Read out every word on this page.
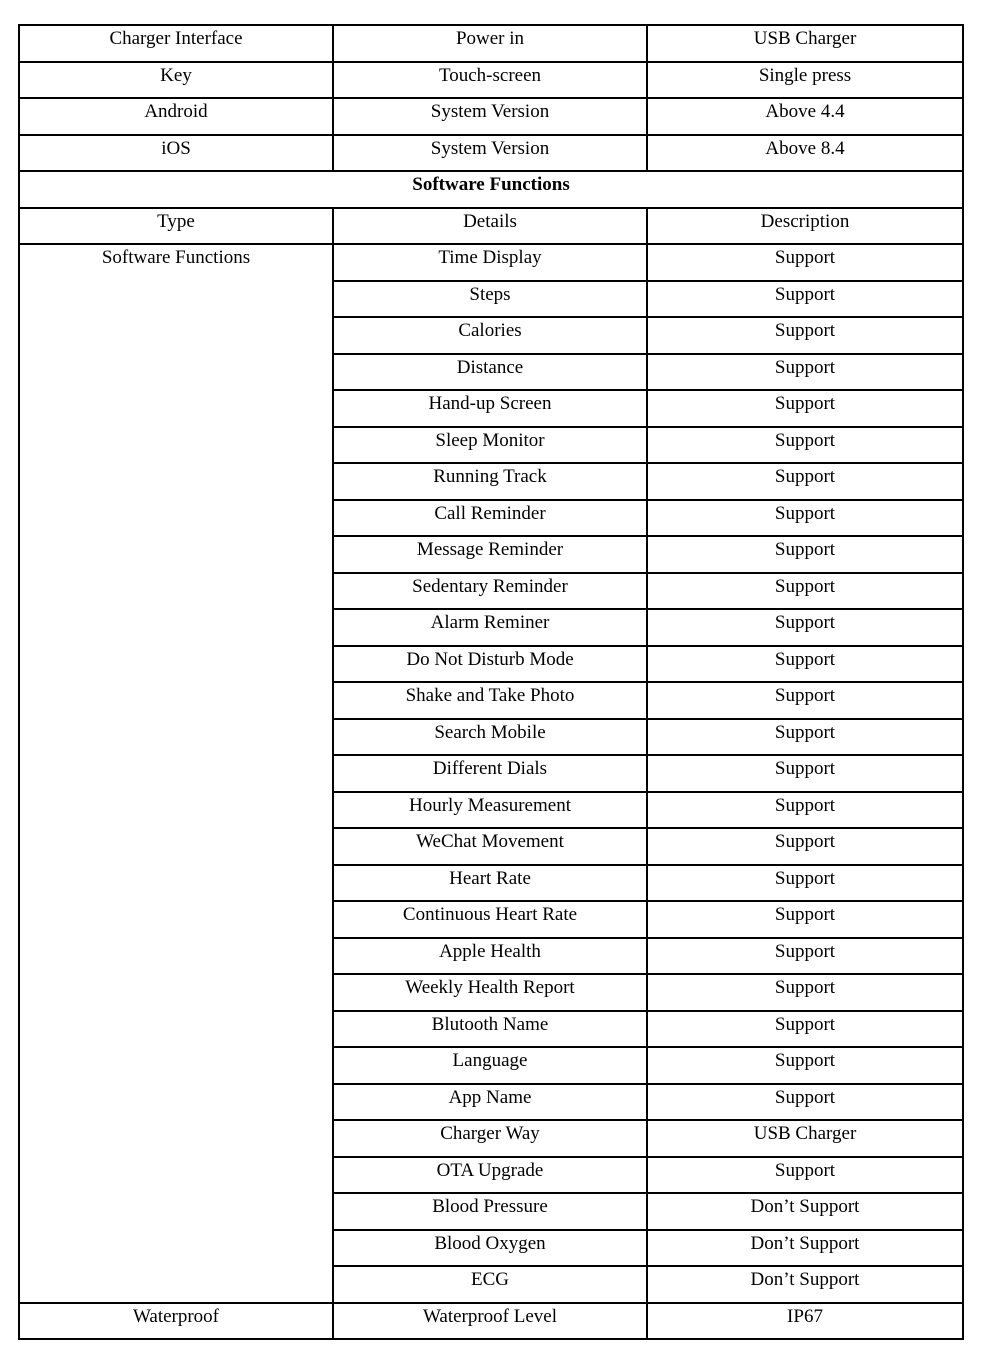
Charger Interface	Power in	USB Charger
Key	Touch-screen	Single press
Android	System Version	Above 4.4
iOS	System Version	Above 8.4
Software Functions		
Type	Details	Description
Software Functions	Time Display	Support
	Steps	Support
	Calories	Support
	Distance	Support
	Hand-up Screen	Support
	Sleep Monitor	Support
	Running Track	Support
	Call Reminder	Support
	Message Reminder	Support
	Sedentary Reminder	Support
	Alarm Reminer	Support
	Do Not Disturb Mode	Support
	Shake and Take Photo	Support
	Search Mobile	Support
	Different Dials	Support
	Hourly Measurement	Support
	WeChat Movement	Support
	Heart Rate	Support
	Continuous Heart Rate	Support
	Apple Health	Support
	Weekly Health Report	Support
	Blutooth Name	Support
	Language	Support
	App Name	Support
	Charger Way	USB Charger
	OTA Upgrade	Support
	Blood Pressure	Don’t Support
	Blood Oxygen	Don’t Support
	ECG	Don’t Support
Waterproof	Waterproof Level	IP67
